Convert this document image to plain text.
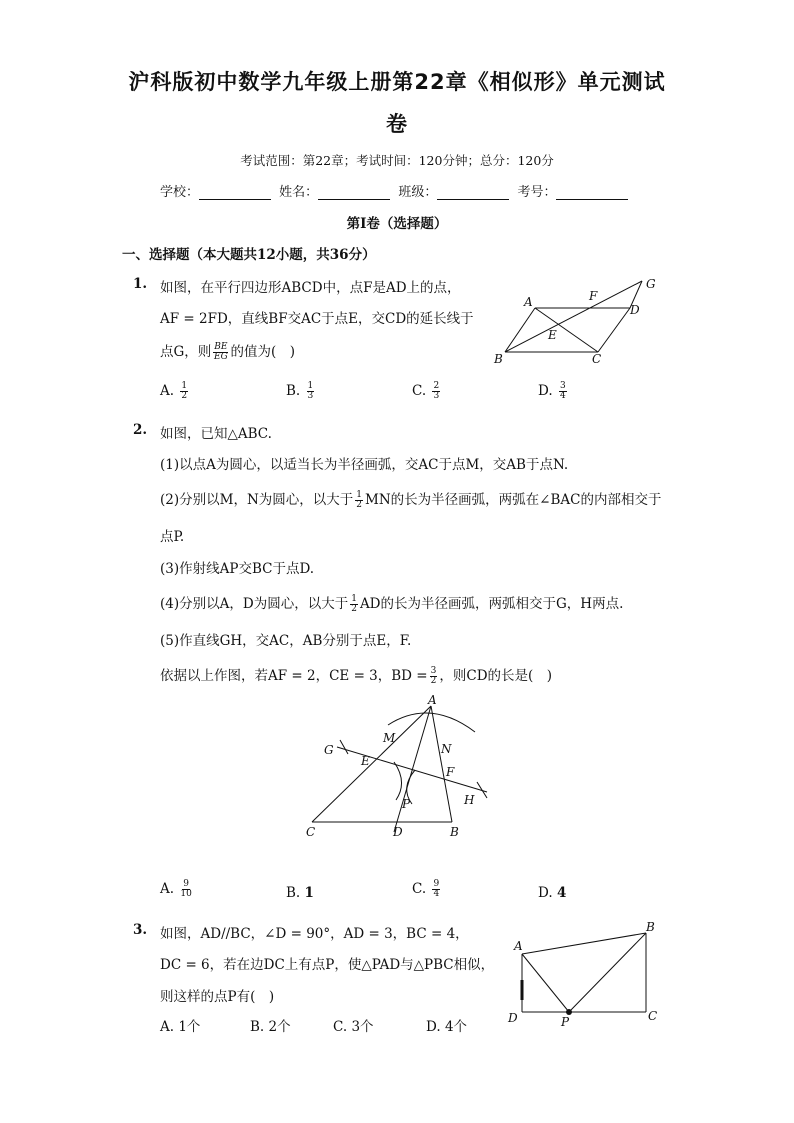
沪科版初中数学九年级上册第22章《相似形》单元测试
卷
考试范围：第22章；考试时间：120分钟；总分：120分
学校：	姓名：	班级：	考号：
第I卷（选择题）
一、选择题（本大题共12小题，共36分）
1. 如图，在平行四边形ABCD中，点F是AD上的点，
AF = 2FD，直线BF交AC于点E，交CD的延长线于
点G，则 $\frac{BE}{EG}$ 的值为(　)
A	F
G
D
E
B	C
A. $\frac{1}{2}$	B. $\frac{1}{3}$	C. $\frac{2}{3}$	D. $\frac{3}{4}$
2. 如图，已知△ABC.
(1)以点A为圆心，以适当长为半径画弧，交AC于点M，交AB于点N.
(2)分别以M，N为圆心，以大于 $\frac{1}{2}$ MN的长为半径画弧，两弧在∠BAC的内部相交于
点P.
(3)作射线AP交BC于点D.
(4)分别以A，D为圆心，以大于 $\frac{1}{2}$ AD的长为半径画弧，两弧相交于G，H两点.
(5)作直线GH，交AC，AB分别于点E，F.
依据以上作图，若AF = 2，CE = 3，BD = $\frac{3}{2}$ ，则CD的长是(　)
A
M
N
G
E
F
H
P
C	D	B
A. $\frac{9}{10}$	B. 1	C. $\frac{9}{4}$	D. 4
3. 如图，AD//BC，∠D = 90°，AD = 3，BC = 4，
DC = 6，若在边DC上有点P，使△PAD与△PBC相似，
则这样的点P有(　)
A. 1个	B. 2个	C. 3个	D. 4个
A
B
D	P	C
